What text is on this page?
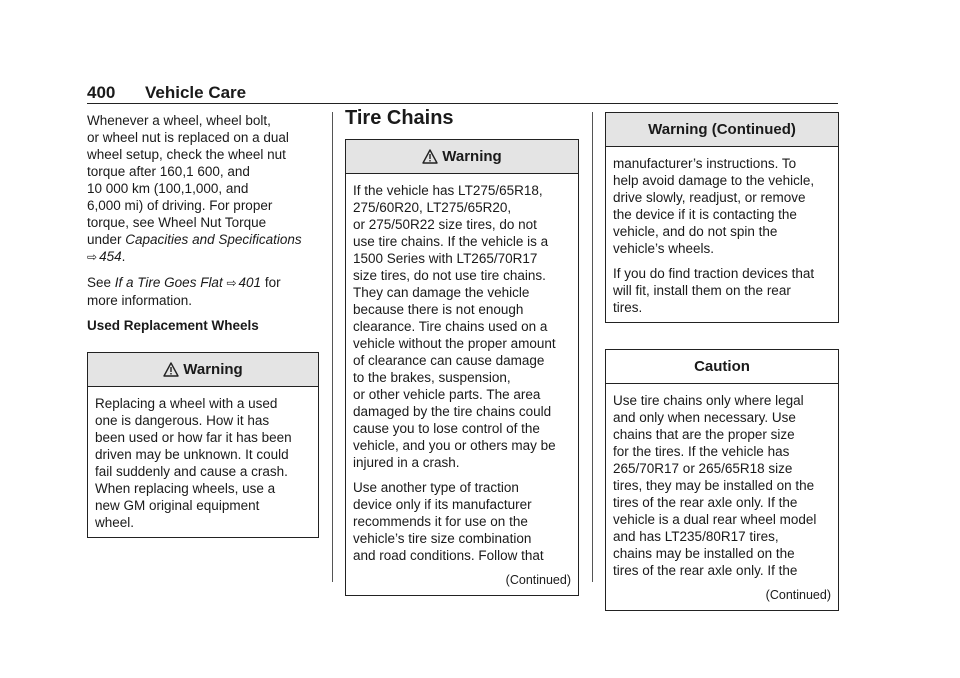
400 Vehicle Care

Whenever a wheel, wheel bolt,
or wheel nut is replaced on a dual
wheel setup, check the wheel nut
torque after 160,1 600, and
10 000 km (100,1,000, and
6,000 mi) of driving. For proper
torque, see Wheel Nut Torque
under Capacities and Specifications
⇨ 454.

See If a Tire Goes Flat ⇨ 401 for
more information.

Used Replacement Wheels

Warning

Replacing a wheel with a used
one is dangerous. How it has
been used or how far it has been
driven may be unknown. It could
fail suddenly and cause a crash.
When replacing wheels, use a
new GM original equipment
wheel.

Tire Chains
Warning

If the vehicle has LT275/65R18,
275/60R20, LT275/65R20,
or 275/50R22 size tires, do not
use tire chains. If the vehicle is a
1500 Series with LT265/70R17
size tires, do not use tire chains.
They can damage the vehicle
because there is not enough
clearance. Tire chains used on a
vehicle without the proper amount
of clearance can cause damage
to the brakes, suspension,
or other vehicle parts. The area
damaged by the tire chains could
cause you to lose control of the
vehicle, and you or others may be
injured in a crash.

Use another type of traction
device only if its manufacturer
recommends it for use on the
vehicle’s tire size combination
and road conditions. Follow that

(Continued)
Warning (Continued)

manufacturer’s instructions. To
help avoid damage to the vehicle,
drive slowly, readjust, or remove
the device if it is contacting the
vehicle, and do not spin the
vehicle’s wheels.

If you do find traction devices that
will fit, install them on the rear
tires.

Caution

Use tire chains only where legal
and only when necessary. Use
chains that are the proper size
for the tires. If the vehicle has
265/70R17 or 265/65R18 size
tires, they may be installed on the
tires of the rear axle only. If the
vehicle is a dual rear wheel model
and has LT235/80R17 tires,
chains may be installed on the
tires of the rear axle only. If the

(Continued)
